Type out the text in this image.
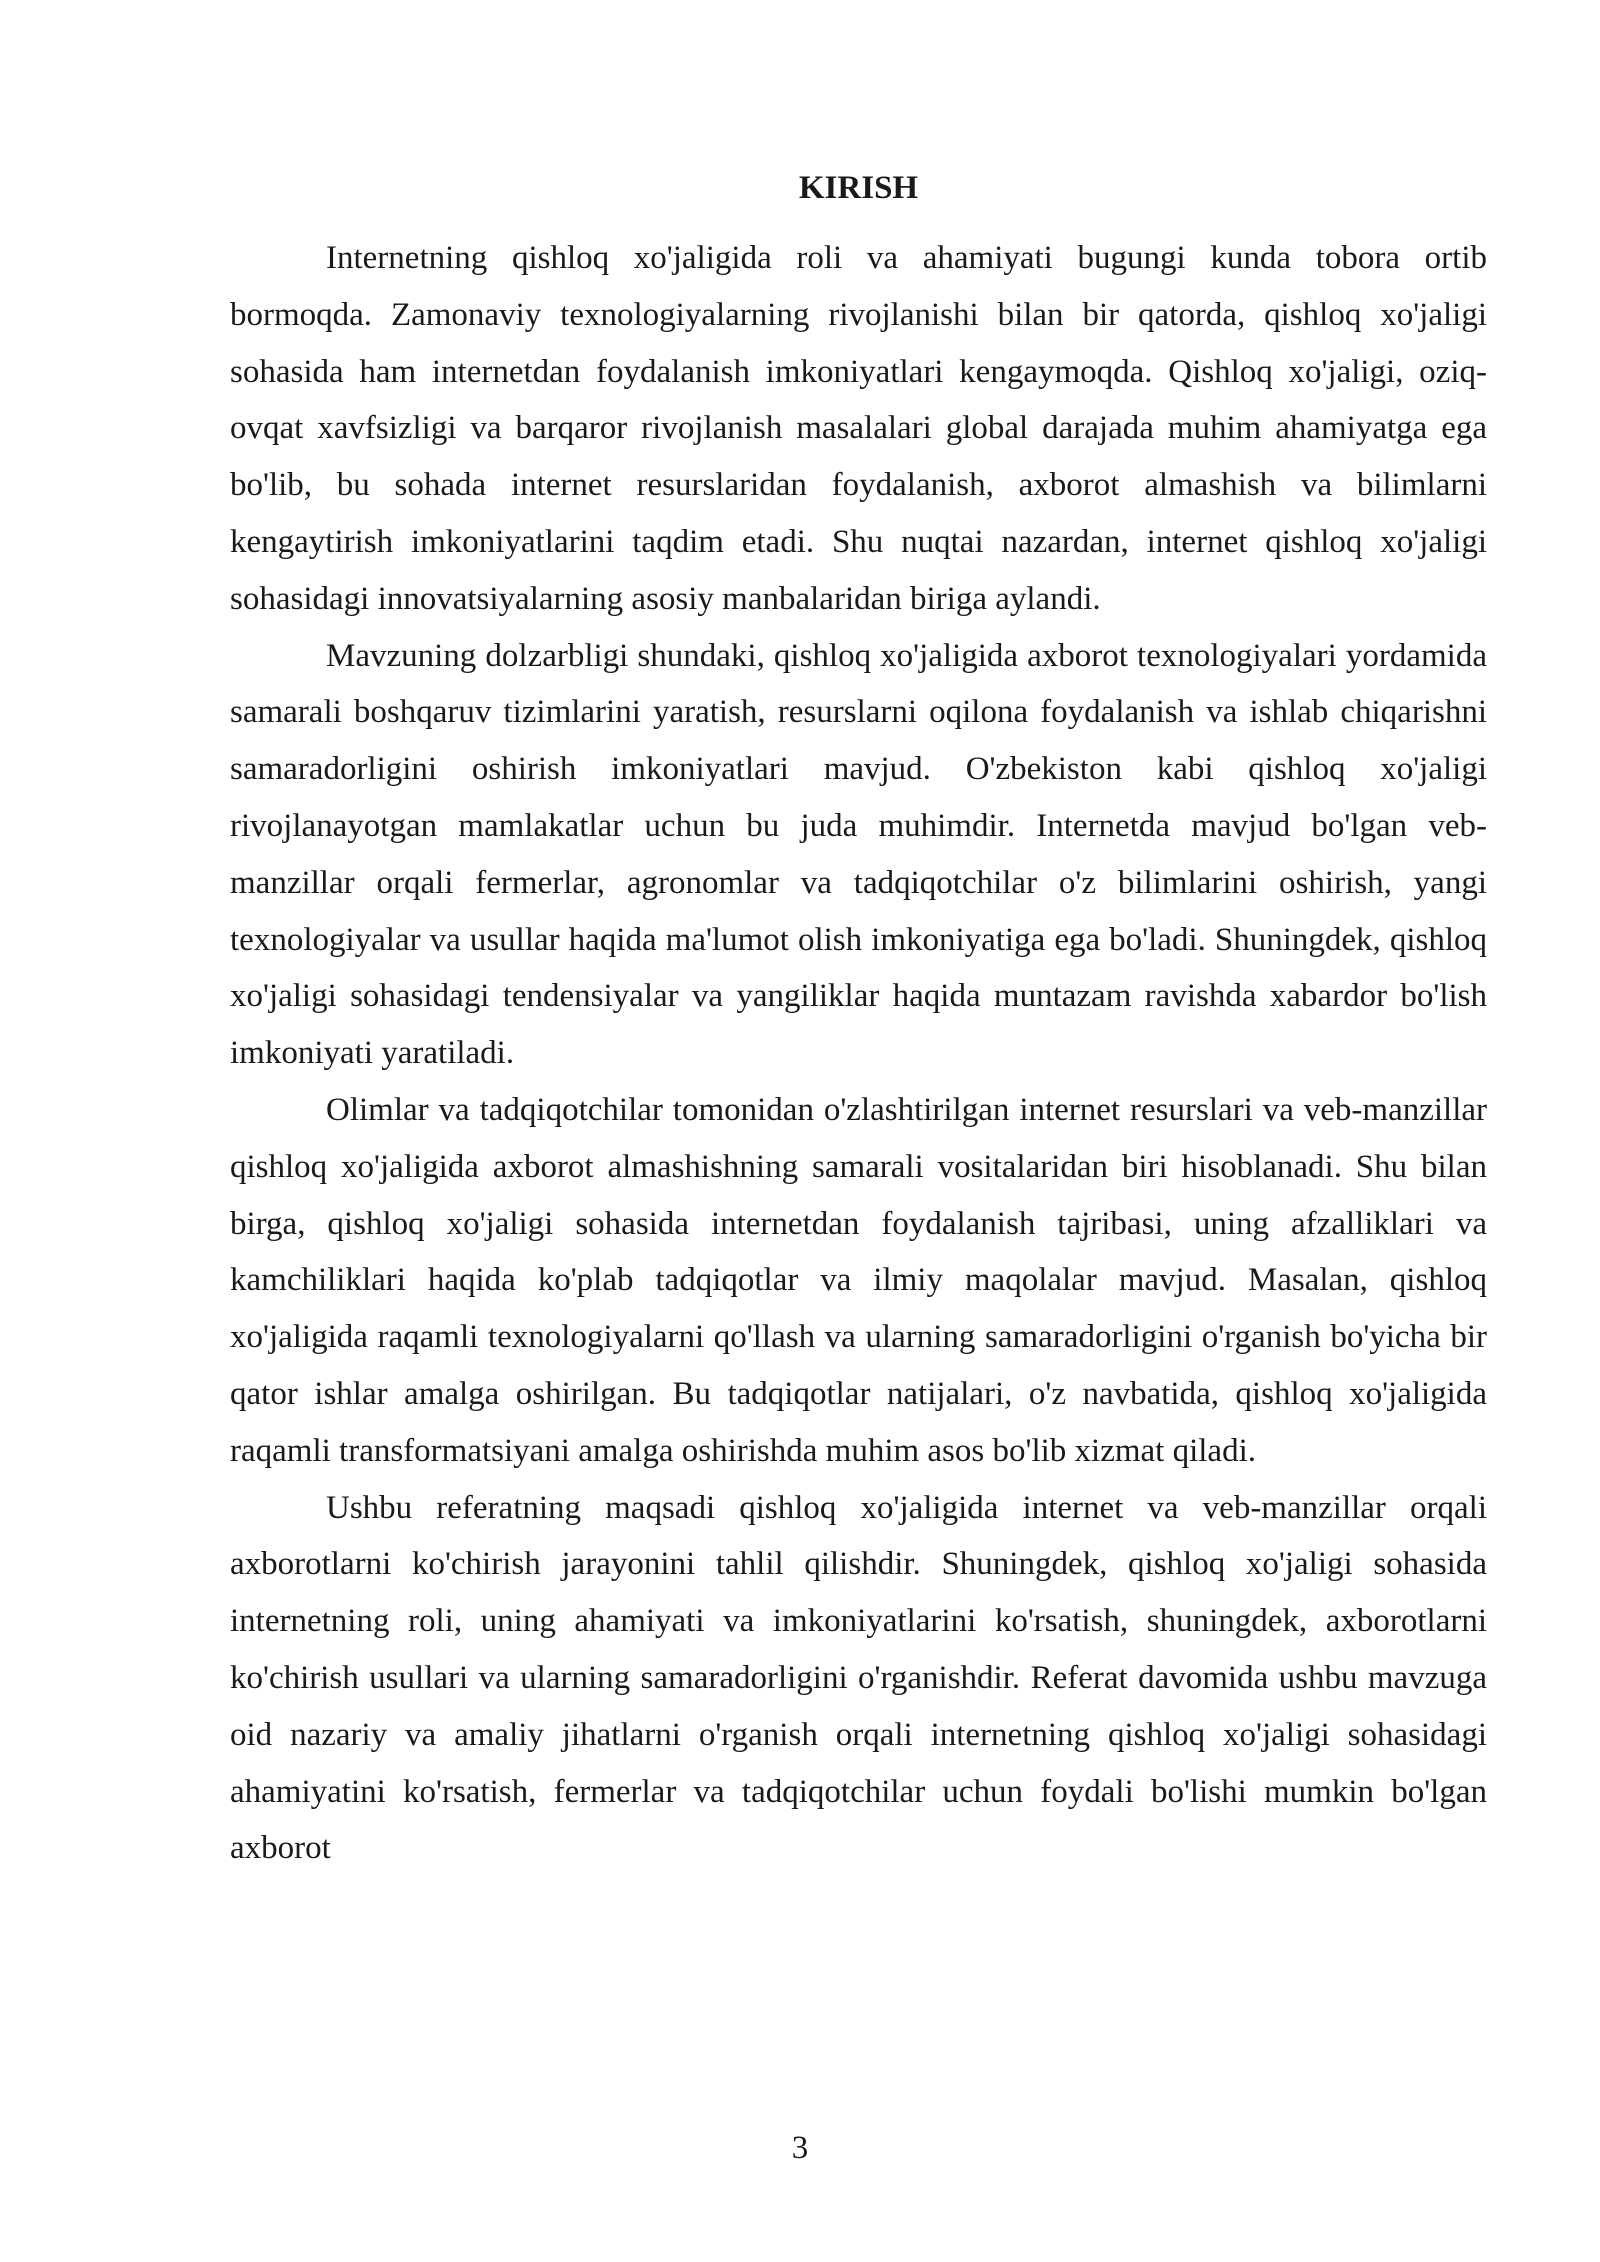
KIRISH

Internetning qishloq xo'jaligida roli va ahamiyati bugungi kunda tobora ortib bormoqda. Zamonaviy texnologiyalarning rivojlanishi bilan bir qatorda, qishloq xo'jaligi sohasida ham internetdan foydalanish imkoniyatlari kengaymoqda. Qishloq xo'jaligi, oziq-ovqat xavfsizligi va barqaror rivojlanish masalalari global darajada muhim ahamiyatga ega bo'lib, bu sohada internet resurslaridan foydalanish, axborot almashish va bilimlarni kengaytirish imkoniyatlarini taqdim etadi. Shu nuqtai nazardan, internet qishloq xo'jaligi sohasidagi innovatsiyalarning asosiy manbalaridan biriga aylandi.

Mavzuning dolzarbligi shundaki, qishloq xo'jaligida axborot texnologiyalari yordamida samarali boshqaruv tizimlarini yaratish, resurslarni oqilona foydalanish va ishlab chiqarishni samaradorligini oshirish imkoniyatlari mavjud. O'zbekiston kabi qishloq xo'jaligi rivojlanayotgan mamlakatlar uchun bu juda muhimdir. Internetda mavjud bo'lgan veb-manzillar orqali fermerlar, agronomlar va tadqiqotchilar o'z bilimlarini oshirish, yangi texnologiyalar va usullar haqida ma'lumot olish imkoniyatiga ega bo'ladi. Shuningdek, qishloq xo'jaligi sohasidagi tendensiyalar va yangiliklar haqida muntazam ravishda xabardor bo'lish imkoniyati yaratiladi.

Olimlar va tadqiqotchilar tomonidan o'zlashtirilgan internet resurslari va veb-manzillar qishloq xo'jaligida axborot almashishning samarali vositalaridan biri hisoblanadi. Shu bilan birga, qishloq xo'jaligi sohasida internetdan foydalanish tajribasi, uning afzalliklari va kamchiliklari haqida ko'plab tadqiqotlar va ilmiy maqolalar mavjud. Masalan, qishloq xo'jaligida raqamli texnologiyalarni qo'llash va ularning samaradorligini o'rganish bo'yicha bir qator ishlar amalga oshirilgan. Bu tadqiqotlar natijalari, o'z navbatida, qishloq xo'jaligida raqamli transformatsiyani amalga oshirishda muhim asos bo'lib xizmat qiladi.

Ushbu referatning maqsadi qishloq xo'jaligida internet va veb-manzillar orqali axborotlarni ko'chirish jarayonini tahlil qilishdir. Shuningdek, qishloq xo'jaligi sohasida internetning roli, uning ahamiyati va imkoniyatlarini ko'rsatish, shuningdek, axborotlarni ko'chirish usullari va ularning samaradorligini o'rganishdir. Referat davomida ushbu mavzuga oid nazariy va amaliy jihatlarni o'rganish orqali internetning qishloq xo'jaligi sohasidagi ahamiyatini ko'rsatish, fermerlar va tadqiqotchilar uchun foydali bo'lishi mumkin bo'lgan axborot

3
